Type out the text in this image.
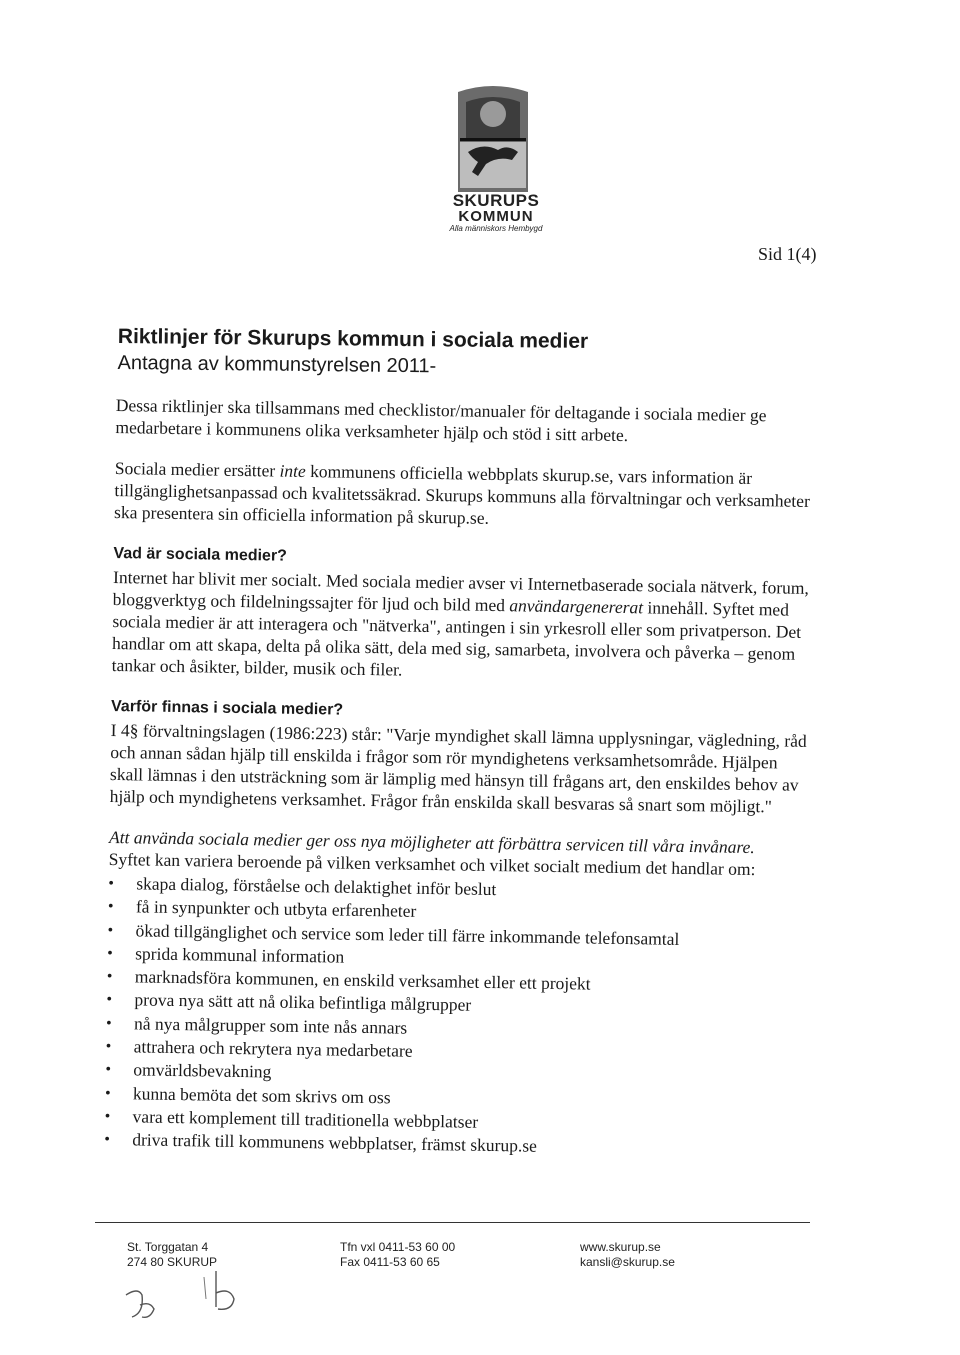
SKURUPS
KOMMUN
Alla människors Hembygd
Sid 1(4)
Riktlinjer för Skurups kommun i sociala medier
Antagna av kommunstyrelsen 2011-

Dessa riktlinjer ska tillsammans med checklistor/manualer för deltagande i sociala medier ge medarbetare i kommunens olika verksamheter hjälp och stöd i sitt arbete.

Sociala medier ersätter inte kommunens officiella webbplats skurup.se, vars information är tillgänglighetsanpassad och kvalitetssäkrad. Skurups kommuns alla förvaltningar och verksamheter ska presentera sin officiella information på skurup.se.

Vad är sociala medier?

Internet har blivit mer socialt. Med sociala medier avser vi Internetbaserade sociala nätverk, forum, bloggverktyg och fildelningssajter för ljud och bild med användargenererat innehåll. Syftet med sociala medier är att interagera och "nätverka", antingen i sin yrkesroll eller som privatperson. Det handlar om att skapa, delta på olika sätt, dela med sig, samarbeta, involvera och påverka – genom tankar och åsikter, bilder, musik och filer.

Varför finnas i sociala medier?

I 4§ förvaltningslagen (1986:223) står: "Varje myndighet skall lämna upplysningar, vägledning, råd och annan sådan hjälp till enskilda i frågor som rör myndighetens verksamhetsområde. Hjälpen skall lämnas i den utsträckning som är lämplig med hänsyn till frågans art, den enskildes behov av hjälp och myndighetens verksamhet. Frågor från enskilda skall besvaras så snart som möjligt."

Att använda sociala medier ger oss nya möjligheter att förbättra servicen till våra invånare.
Syftet kan variera beroende på vilken verksamhet och vilket socialt medium det handlar om:
• skapa dialog, förståelse och delaktighet inför beslut
• få in synpunkter och utbyta erfarenheter
• ökad tillgänglighet och service som leder till färre inkommande telefonsamtal
• sprida kommunal information
• marknadsföra kommunen, en enskild verksamhet eller ett projekt
• prova nya sätt att nå olika befintliga målgrupper
• nå nya målgrupper som inte nås annars
• attrahera och rekrytera nya medarbetare
• omvärldsbevakning
• kunna bemöta det som skrivs om oss
• vara ett komplement till traditionella webbplatser
• driva trafik till kommunens webbplatser, främst skurup.se
St. Torggatan 4
274 80 SKURUP
Tfn vxl 0411-53 60 00
Fax 0411-53 60 65
www.skurup.se
kansli@skurup.se
